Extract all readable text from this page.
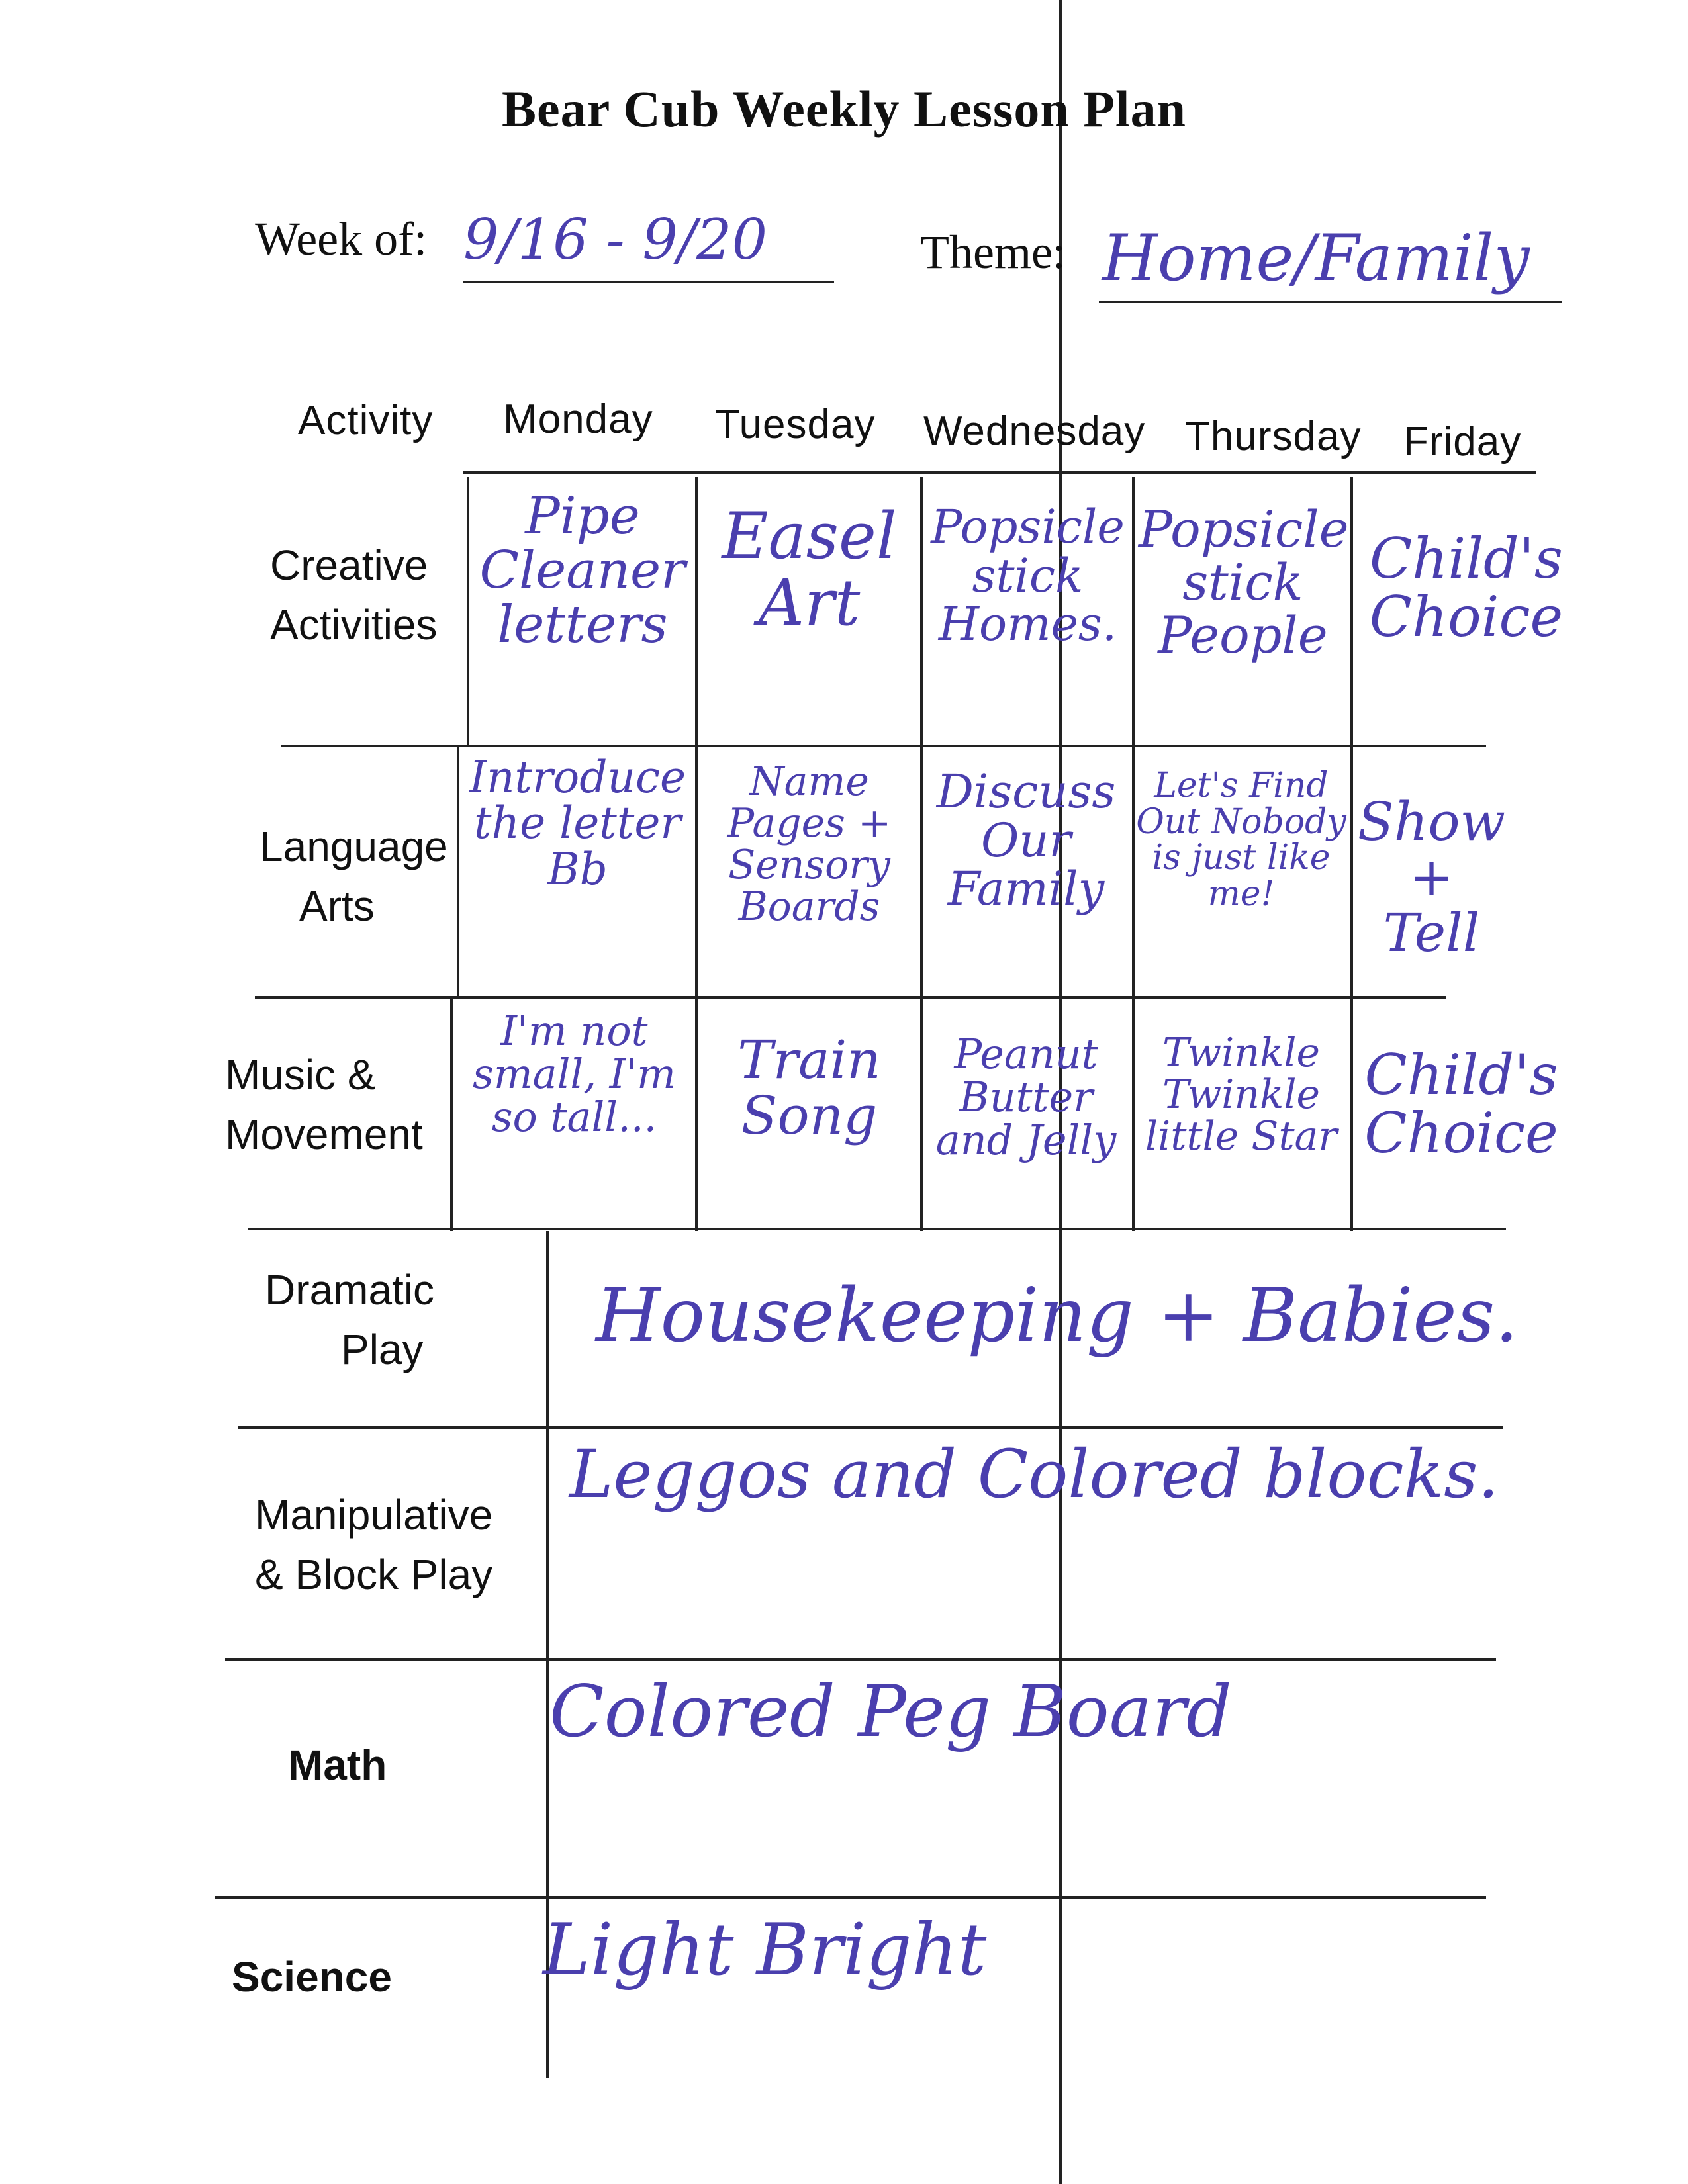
Bear Cub Weekly Lesson Plan
Week of: 9/16 - 9/20	Theme: Home/Family
Activity Monday Tuesday Wednesday Thursday Friday
Creative
Activities
Language
Arts
Music &
Movement
Dramatic
Play
Manipulative
& Block Play
Math
Science
Pipe Cleaner letters
Easel Art
Popsicle stick Homes.
Popsicle stick People
Child's Choice
Introduce the letter Bb
Name Pages + Sensory Boards
Discuss Our Family
Let's Find Out Nobody is just like me!
Show + Tell
I'm not small, I'm so tall...
Train Song
Peanut Butter and Jelly
Twinkle Twinkle little Star
Child's Choice
Housekeeping + Babies.
Leggos and Colored blocks.
Colored Peg Board
Light Bright
